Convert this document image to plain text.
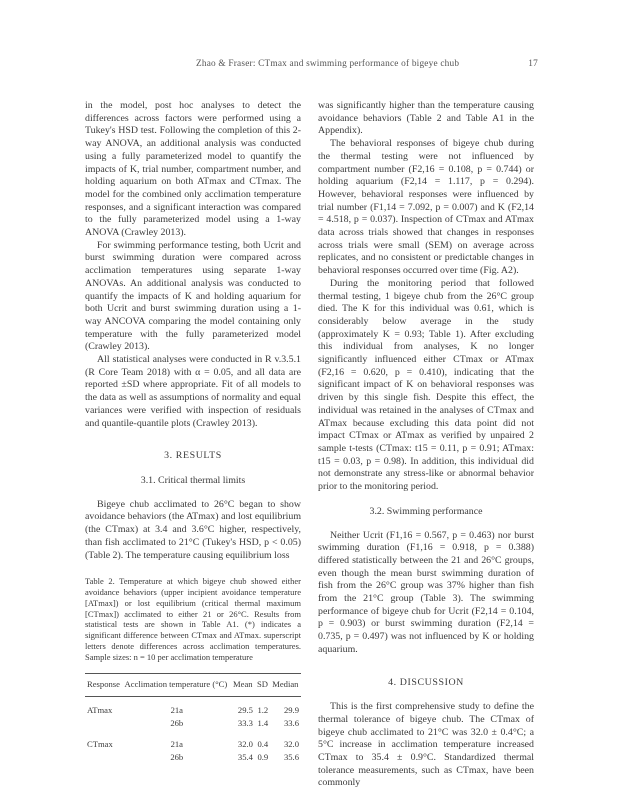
Zhao & Fraser: CTmax and swimming performance of bigeye chub	17

in the model, post hoc analyses to detect the differences across factors were performed using a Tukey's HSD test. Following the completion of this 2-way ANOVA, an additional analysis was conducted using a fully parameterized model to quantify the impacts of K, trial number, compartment number, and holding aquarium on both ATmax and CTmax. The model for the combined only acclimation temperature responses, and a significant interaction was compared to the fully parameterized model using a 1-way ANOVA (Crawley 2013).

For swimming performance testing, both Ucrit and burst swimming duration were compared across acclimation temperatures using separate 1-way ANOVAs. An additional analysis was conducted to quantify the impacts of K and holding aquarium for both Ucrit and burst swimming duration using a 1-way ANCOVA comparing the model containing only temperature with the fully parameterized model (Crawley 2013).

All statistical analyses were conducted in R v.3.5.1 (R Core Team 2018) with α = 0.05, and all data are reported ±SD where appropriate. Fit of all models to the data as well as assumptions of normality and equal variances were verified with inspection of residuals and quantile-quantile plots (Crawley 2013).

3. RESULTS
3.1. Critical thermal limits

Bigeye chub acclimated to 26°C began to show avoidance behaviors (the ATmax) and lost equilibrium (the CTmax) at 3.4 and 3.6°C higher, respectively, than fish acclimated to 21°C (Tukey's HSD, p < 0.05) (Table 2). The temperature causing equilibrium loss

Table 2. Temperature at which bigeye chub showed either avoidance behaviors (upper incipient avoidance temperature [ATmax]) or lost equilibrium (critical thermal maximum [CTmax]) acclimated to either 21 or 26°C. Results from statistical tests are shown in Table A1. (*) indicates a significant difference between CTmax and ATmax. superscript letters denote differences across acclimation temperatures. Sample sizes: n = 10 per acclimation temperature
Response	Acclimation temperature (°C)	Mean	SD	Median
ATmax	21a	29.5	1.2	29.9
	26b	33.3	1.4	33.6
CTmax	21a	32.0	0.4	32.0
	26b	35.4	0.9	35.6

was significantly higher than the temperature causing avoidance behaviors (Table 2 and Table A1 in the Appendix).

The behavioral responses of bigeye chub during the thermal testing were not influenced by compartment number (F2,16 = 0.108, p = 0.744) or holding aquarium (F2,14 = 1.117, p = 0.294). However, behavioral responses were influenced by trial number (F1,14 = 7.092, p = 0.007) and K (F2,14 = 4.518, p = 0.037). Inspection of CTmax and ATmax data across trials showed that changes in responses across trials were small (SEM) on average across replicates, and no consistent or predictable changes in behavioral responses occurred over time (Fig. A2).

During the monitoring period that followed thermal testing, 1 bigeye chub from the 26°C group died. The K for this individual was 0.61, which is considerably below average in the study (approximately K = 0.93; Table 1). After excluding this individual from analyses, K no longer significantly influenced either CTmax or ATmax (F2,16 = 0.620, p = 0.410), indicating that the significant impact of K on behavioral responses was driven by this single fish. Despite this effect, the individual was retained in the analyses of CTmax and ATmax because excluding this data point did not impact CTmax or ATmax as verified by unpaired 2 sample t-tests (CTmax: t15 = 0.11, p = 0.91; ATmax: t15 = 0.03, p = 0.98). In addition, this individual did not demonstrate any stress-like or abnormal behavior prior to the monitoring period.

3.2. Swimming performance

Neither Ucrit (F1,16 = 0.567, p = 0.463) nor burst swimming duration (F1,16 = 0.918, p = 0.388) differed statistically between the 21 and 26°C groups, even though the mean burst swimming duration of fish from the 26°C group was 37% higher than fish from the 21°C group (Table 3). The swimming performance of bigeye chub for Ucrit (F2,14 = 0.104, p = 0.903) or burst swimming duration (F2,14 = 0.735, p = 0.497) was not influenced by K or holding aquarium.

4. DISCUSSION

This is the first comprehensive study to define the thermal tolerance of bigeye chub. The CTmax of bigeye chub acclimated to 21°C was 32.0 ± 0.4°C; a 5°C increase in acclimation temperature increased CTmax to 35.4 ± 0.9°C. Standardized thermal tolerance measurements, such as CTmax, have been commonly
